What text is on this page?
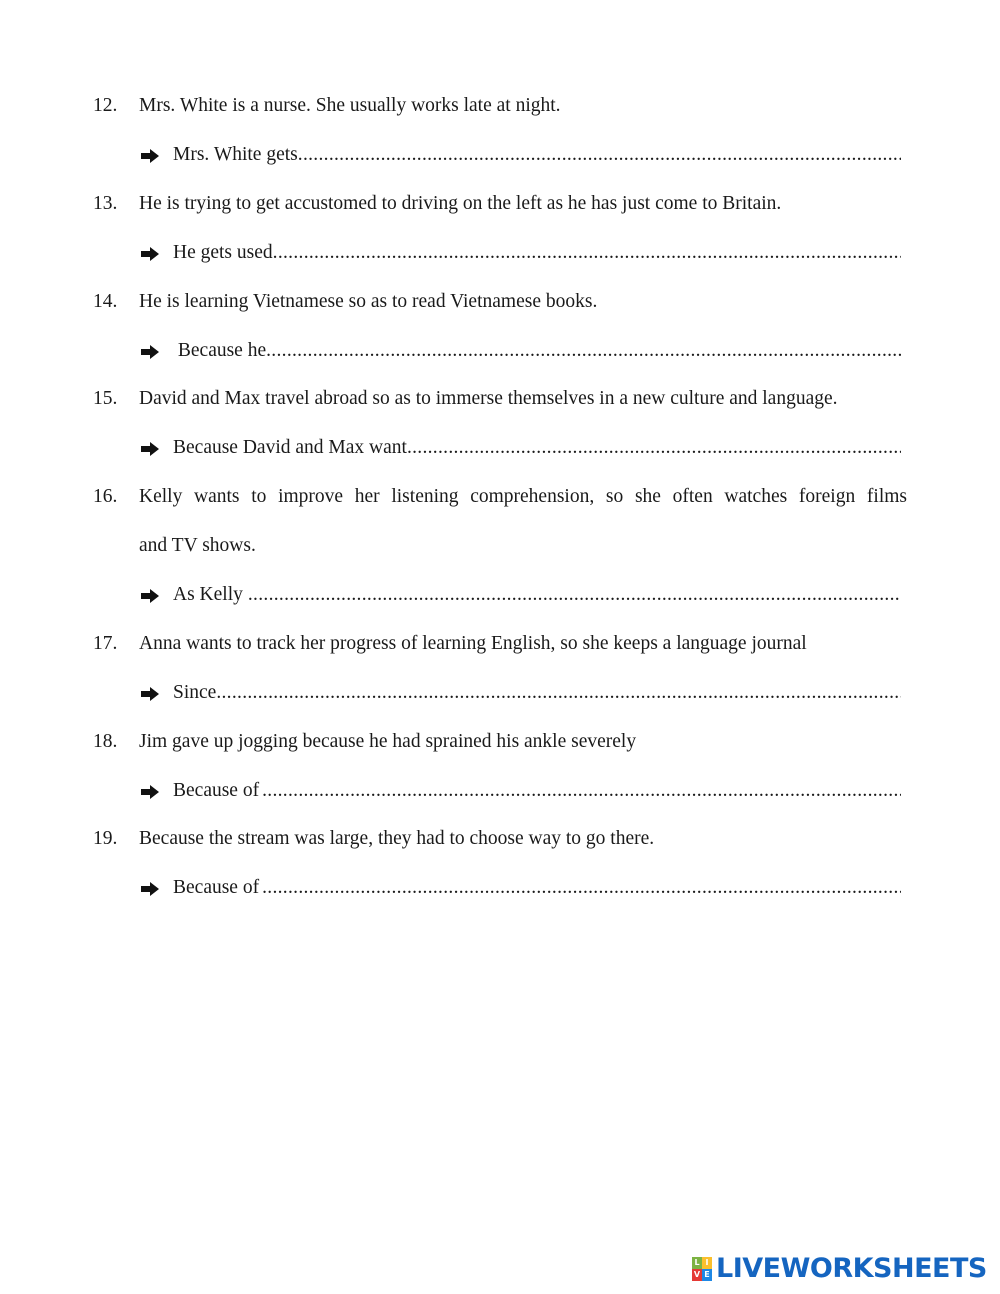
12. Mrs. White is a nurse. She usually works late at night.
Mrs. White gets
.....
13. He is trying to get accustomed to driving on the left as he has just come to Britain.
He gets used
.....
14. He is learning Vietnamese so as to read Vietnamese books.
Because he
.....
15. David and Max travel abroad so as to immerse themselves in a new culture and language.
Because David and Max want
.....
16. Kelly wants to improve her listening comprehension, so she often watches foreign films
and TV shows.
As Kelly
.....
17. Anna wants to track her progress of learning English, so she keeps a language journal
Since
.....
18. Jim gave up jogging because he had sprained his ankle severely
Because of
.....
19. Because the stream was large, they had to choose way to go there.
Because of
.....
L I
V E LIVEWORKSHEETS
